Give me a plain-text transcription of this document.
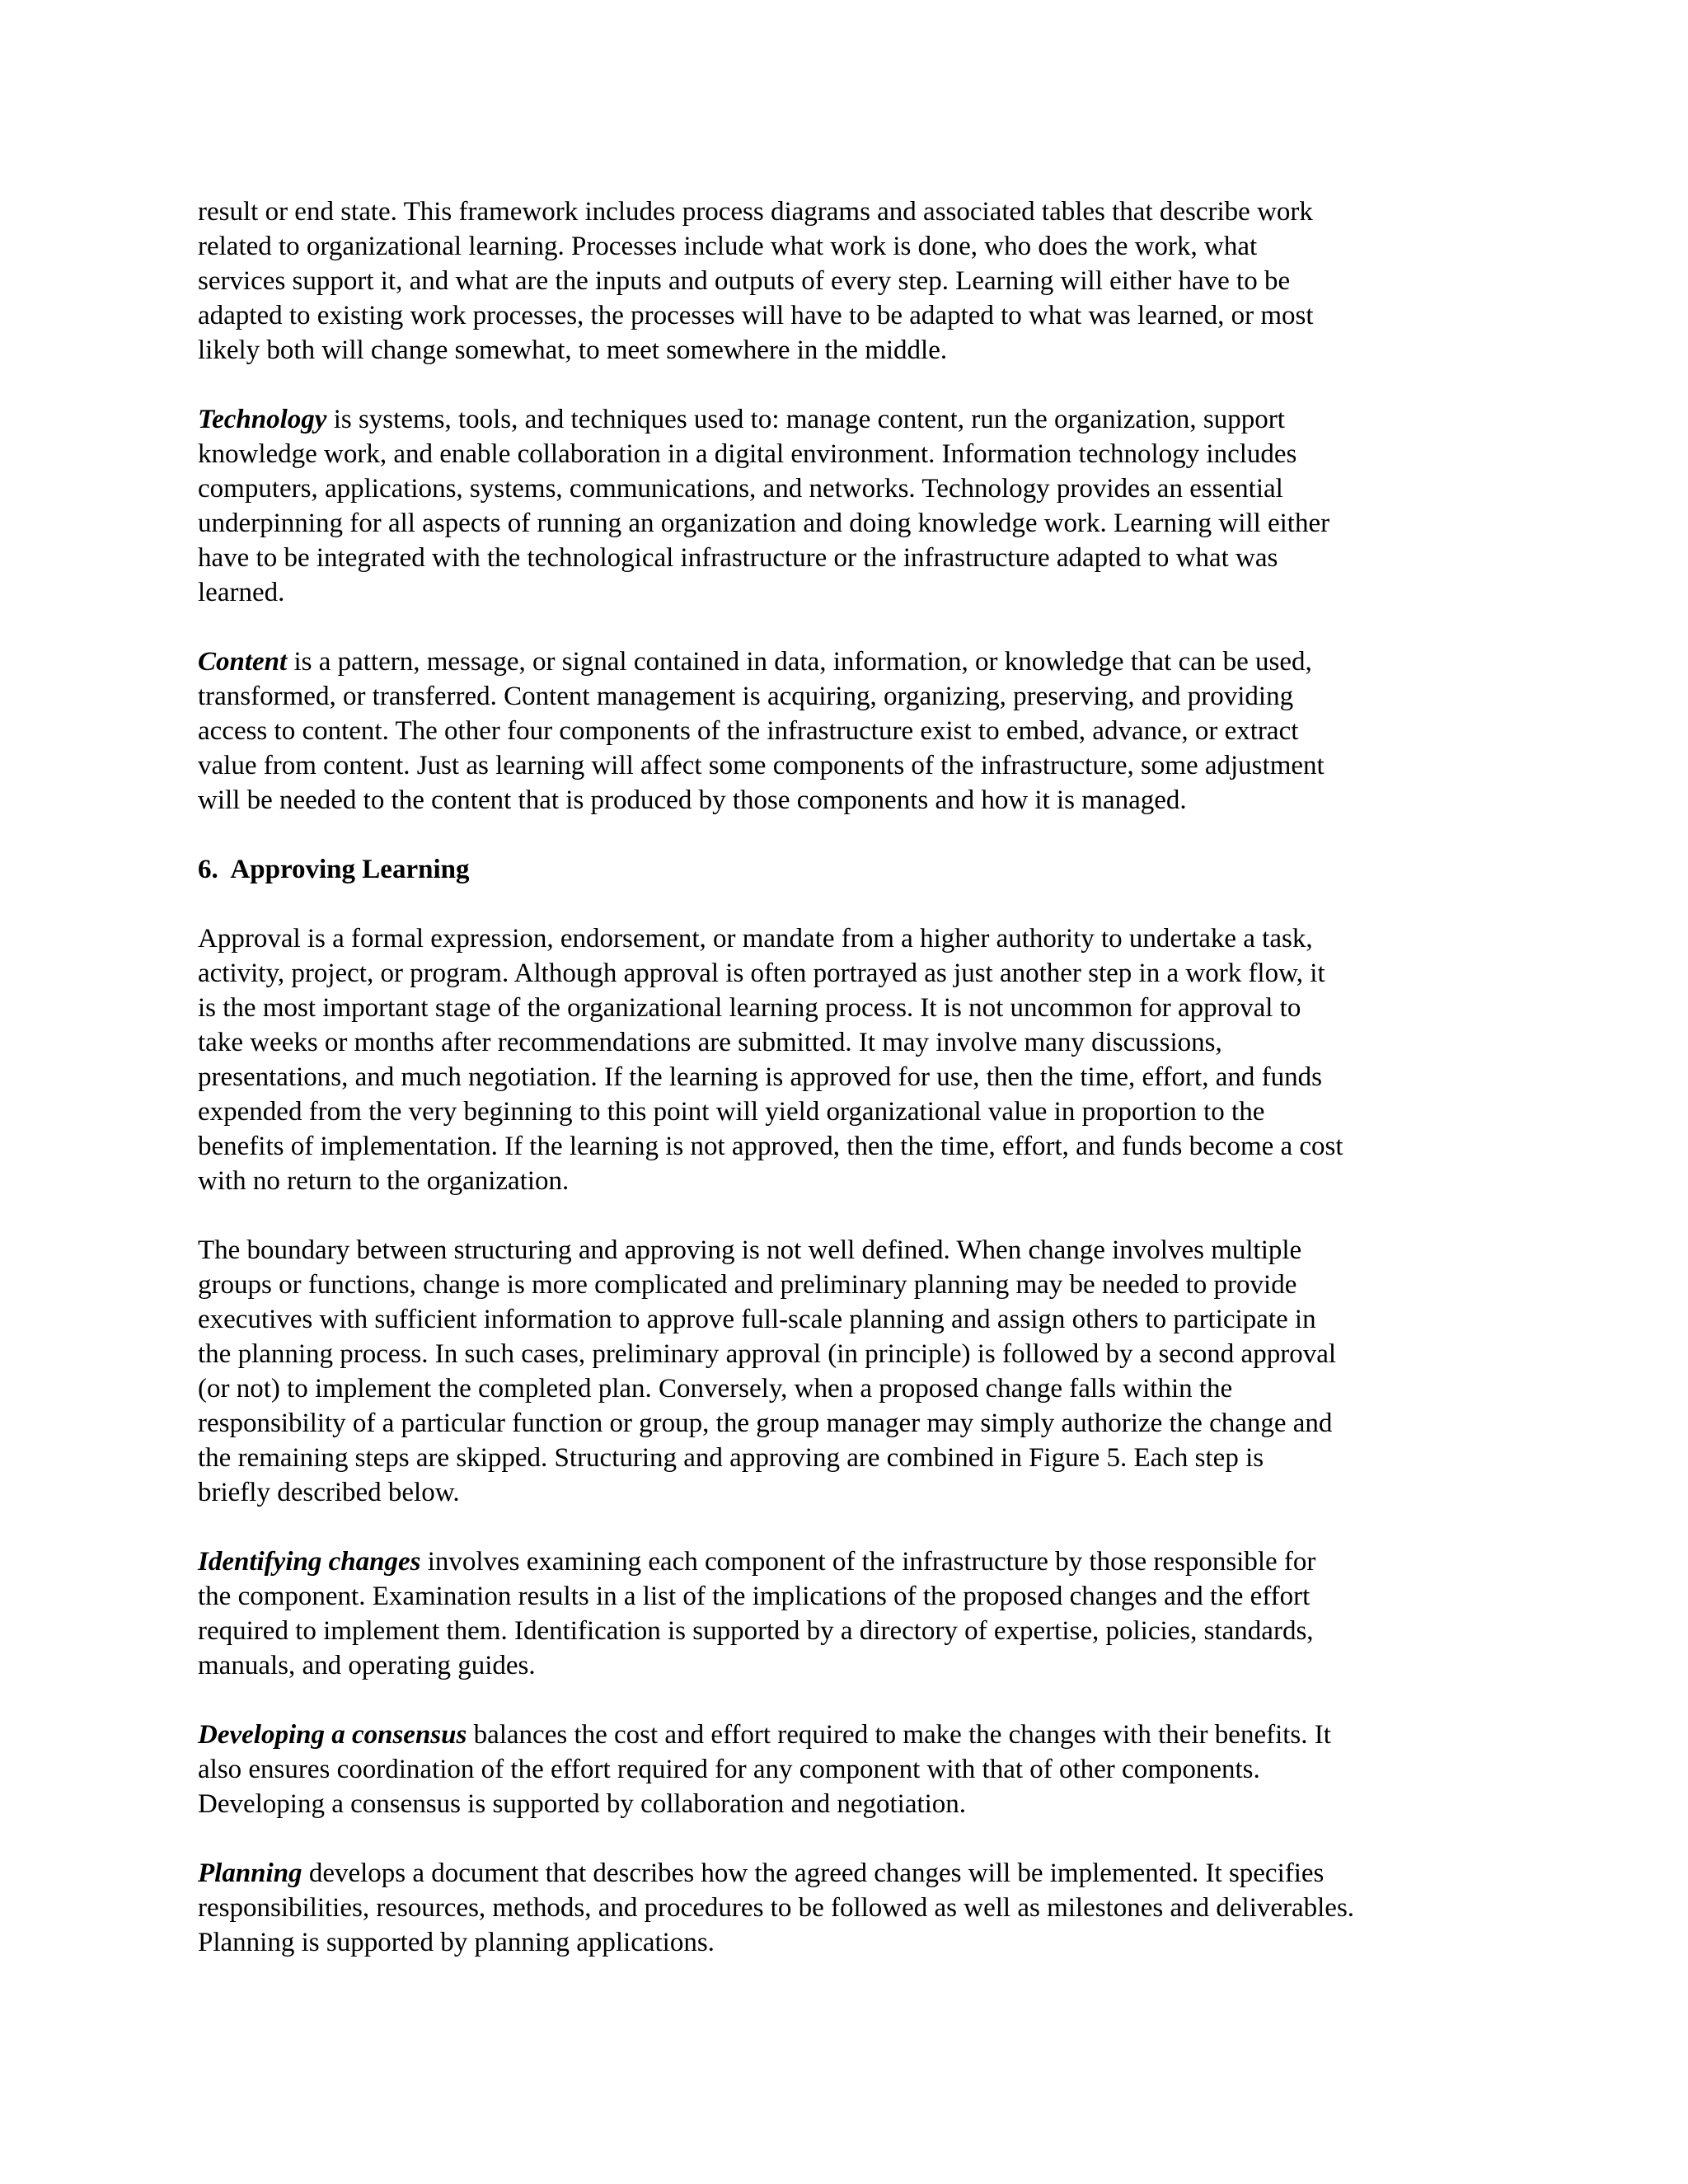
result or end state. This framework includes process diagrams and associated tables that describe work
related to organizational learning. Processes include what work is done, who does the work, what
services support it, and what are the inputs and outputs of every step. Learning will either have to be
adapted to existing work processes, the processes will have to be adapted to what was learned, or most
likely both will change somewhat, to meet somewhere in the middle.

Technology is systems, tools, and techniques used to: manage content, run the organization, support
knowledge work, and enable collaboration in a digital environment. Information technology includes
computers, applications, systems, communications, and networks. Technology provides an essential
underpinning for all aspects of running an organization and doing knowledge work. Learning will either
have to be integrated with the technological infrastructure or the infrastructure adapted to what was
learned.

Content is a pattern, message, or signal contained in data, information, or knowledge that can be used,
transformed, or transferred. Content management is acquiring, organizing, preserving, and providing
access to content. The other four components of the infrastructure exist to embed, advance, or extract
value from content. Just as learning will affect some components of the infrastructure, some adjustment
will be needed to the content that is produced by those components and how it is managed.

6.  Approving Learning

Approval is a formal expression, endorsement, or mandate from a higher authority to undertake a task,
activity, project, or program. Although approval is often portrayed as just another step in a work flow, it
is the most important stage of the organizational learning process. It is not uncommon for approval to
take weeks or months after recommendations are submitted. It may involve many discussions,
presentations, and much negotiation. If the learning is approved for use, then the time, effort, and funds
expended from the very beginning to this point will yield organizational value in proportion to the
benefits of implementation. If the learning is not approved, then the time, effort, and funds become a cost
with no return to the organization.

The boundary between structuring and approving is not well defined. When change involves multiple
groups or functions, change is more complicated and preliminary planning may be needed to provide
executives with sufficient information to approve full-scale planning and assign others to participate in
the planning process. In such cases, preliminary approval (in principle) is followed by a second approval
(or not) to implement the completed plan. Conversely, when a proposed change falls within the
responsibility of a particular function or group, the group manager may simply authorize the change and
the remaining steps are skipped. Structuring and approving are combined in Figure 5. Each step is
briefly described below.

Identifying changes involves examining each component of the infrastructure by those responsible for
the component. Examination results in a list of the implications of the proposed changes and the effort
required to implement them. Identification is supported by a directory of expertise, policies, standards,
manuals, and operating guides.

Developing a consensus balances the cost and effort required to make the changes with their benefits. It
also ensures coordination of the effort required for any component with that of other components.
Developing a consensus is supported by collaboration and negotiation.

Planning develops a document that describes how the agreed changes will be implemented. It specifies
responsibilities, resources, methods, and procedures to be followed as well as milestones and deliverables.
Planning is supported by planning applications.
